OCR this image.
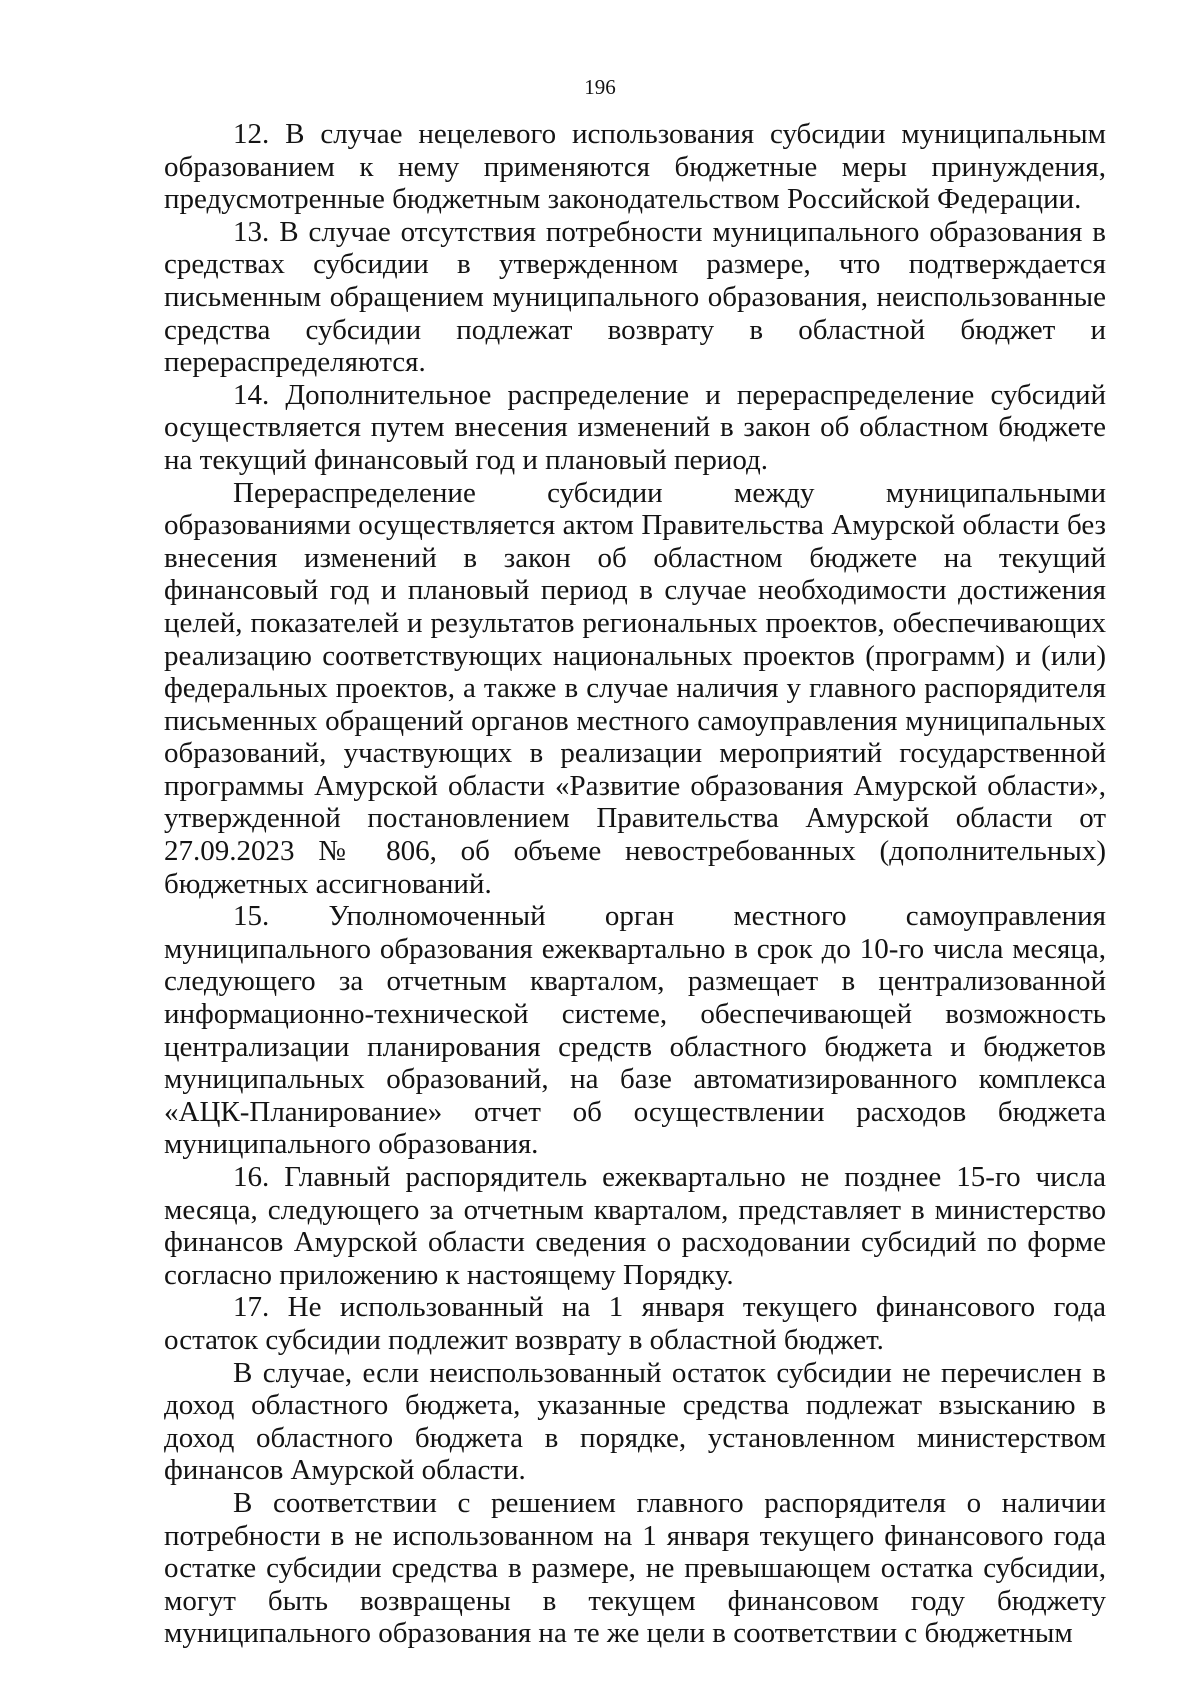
196

12. В случае нецелевого использования субсидии муниципальным образованием к нему применяются бюджетные меры принуждения, предусмотренные бюджетным законодательством Российской Федерации.

13. В случае отсутствия потребности муниципального образования в средствах субсидии в утвержденном размере, что подтверждается письменным обращением муниципального образования, неиспользованные средства субсидии подлежат возврату в областной бюджет и перераспределяются.

14. Дополнительное распределение и перераспределение субсидий осуществляется путем внесения изменений в закон об областном бюджете на текущий финансовый год и плановый период.

Перераспределение субсидии между муниципальными образованиями осуществляется актом Правительства Амурской области без внесения изменений в закон об областном бюджете на текущий финансовый год и плановый период в случае необходимости достижения целей, показателей и результатов региональных проектов, обеспечивающих реализацию соответствующих национальных проектов (программ) и (или) федеральных проектов, а также в случае наличия у главного распорядителя письменных обращений органов местного самоуправления муниципальных образований, участвующих в реализации мероприятий государственной программы Амурской области «Развитие образования Амурской области», утвержденной постановлением Правительства Амурской области от 27.09.2023 № 806, об объеме невостребованных (дополнительных) бюджетных ассигнований.

15. Уполномоченный орган местного самоуправления муниципального образования ежеквартально в срок до 10-го числа месяца, следующего за отчетным кварталом, размещает в централизованной информационно-технической системе, обеспечивающей возможность централизации планирования средств областного бюджета и бюджетов муниципальных образований, на базе автоматизированного комплекса «АЦК-Планирование» отчет об осуществлении расходов бюджета муниципального образования.

16. Главный распорядитель ежеквартально не позднее 15-го числа месяца, следующего за отчетным кварталом, представляет в министерство финансов Амурской области сведения о расходовании субсидий по форме согласно приложению к настоящему Порядку.

17. Не использованный на 1 января текущего финансового года остаток субсидии подлежит возврату в областной бюджет.

В случае, если неиспользованный остаток субсидии не перечислен в доход областного бюджета, указанные средства подлежат взысканию в доход областного бюджета в порядке, установленном министерством финансов Амурской области.

В соответствии с решением главного распорядителя о наличии потребности в не использованном на 1 января текущего финансового года остатке субсидии средства в размере, не превышающем остатка субсидии, могут быть возвращены в текущем финансовом году бюджету муниципального образования на те же цели в соответствии с бюджетным
